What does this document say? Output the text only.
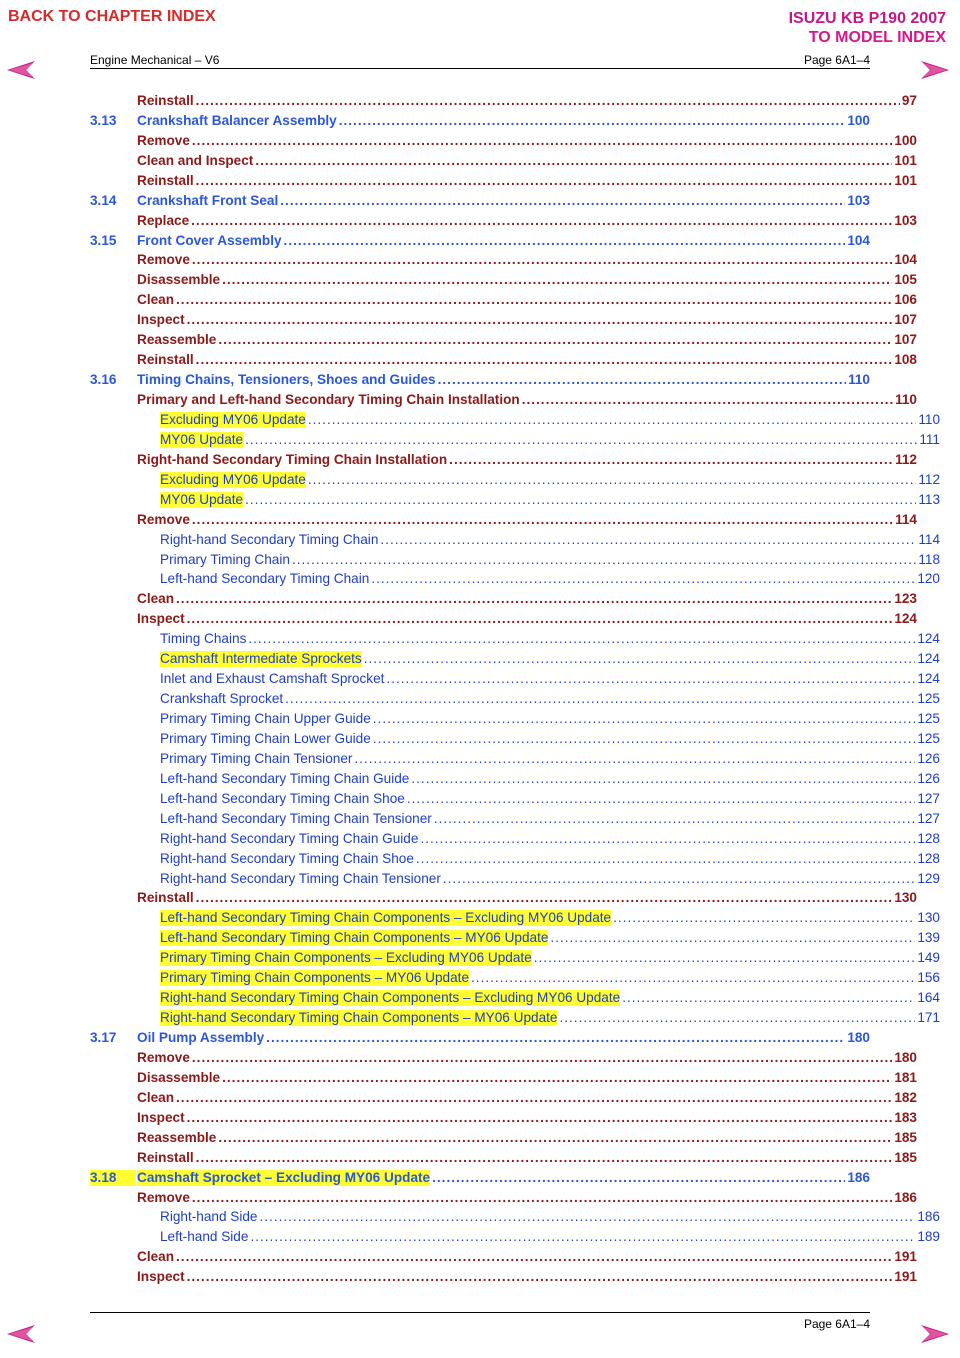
BACK TO CHAPTER INDEX	ISUZU KB P190 2007
TO MODEL INDEX
Engine Mechanical – V6	Page 6A1–4
Reinstall .....	97
3.13	Crankshaft Balancer Assembly .....	100
Remove .....	100
Clean and Inspect .....	101
Reinstall .....	101
3.14	Crankshaft Front Seal .....	103
Replace .....	103
3.15	Front Cover Assembly .....	104
Remove .....	104
Disassemble .....	105
Clean .....	106
Inspect .....	107
Reassemble .....	107
Reinstall .....	108
3.16	Timing Chains, Tensioners, Shoes and Guides .....	110
Primary and Left-hand Secondary Timing Chain Installation .....	110
Excluding MY06 Update .....	110
MY06 Update .....	111
Right-hand Secondary Timing Chain Installation .....	112
Excluding MY06 Update .....	112
MY06 Update .....	113
Remove .....	114
Right-hand Secondary Timing Chain .....	114
Primary Timing Chain .....	118
Left-hand Secondary Timing Chain .....	120
Clean .....	123
Inspect .....	124
Timing Chains .....	124
Camshaft Intermediate Sprockets .....	124
Inlet and Exhaust Camshaft Sprocket .....	124
Crankshaft Sprocket .....	125
Primary Timing Chain Upper Guide .....	125
Primary Timing Chain Lower Guide .....	125
Primary Timing Chain Tensioner .....	126
Left-hand Secondary Timing Chain Guide .....	126
Left-hand Secondary Timing Chain Shoe .....	127
Left-hand Secondary Timing Chain Tensioner .....	127
Right-hand Secondary Timing Chain Guide .....	128
Right-hand Secondary Timing Chain Shoe .....	128
Right-hand Secondary Timing Chain Tensioner .....	129
Reinstall .....	130
Left-hand Secondary Timing Chain Components – Excluding MY06 Update .....	130
Left-hand Secondary Timing Chain Components – MY06 Update .....	139
Primary Timing Chain Components – Excluding MY06 Update .....	149
Primary Timing Chain Components – MY06 Update .....	156
Right-hand Secondary Timing Chain Components – Excluding MY06 Update .....	164
Right-hand Secondary Timing Chain Components – MY06 Update .....	171
3.17	Oil Pump Assembly .....	180
Remove .....	180
Disassemble .....	181
Clean .....	182
Inspect .....	183
Reassemble .....	185
Reinstall .....	185
3.18	Camshaft Sprocket – Excluding MY06 Update .....	186
Remove .....	186
Right-hand Side .....	186
Left-hand Side .....	189
Clean .....	191
Inspect .....	191
Page 6A1–4
